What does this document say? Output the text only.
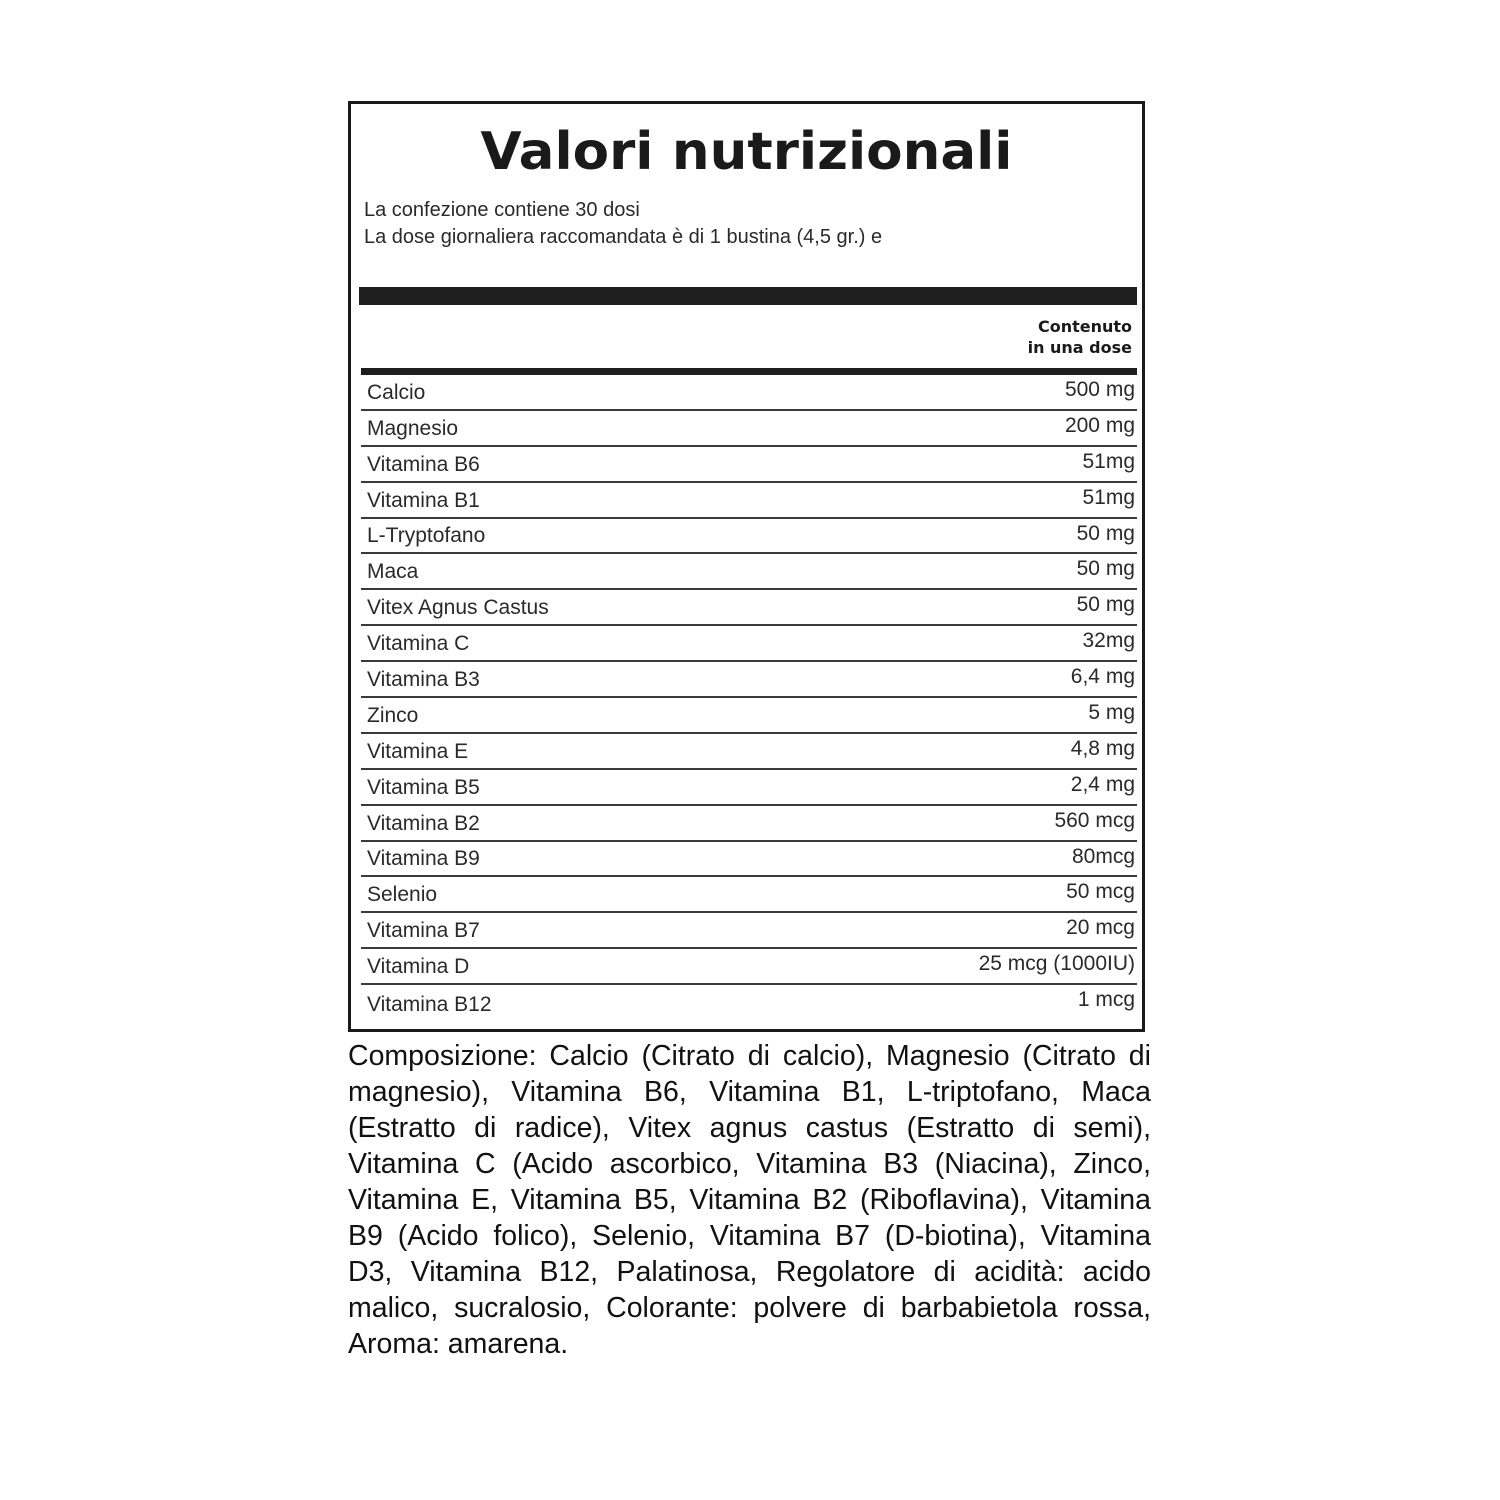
Valori nutrizionali
La confezione contiene 30 dosi
La dose giornaliera raccomandata è di 1 bustina (4,5 gr.) e
Contenuto
in una dose
Calcio	500 mg
Magnesio	200 mg
Vitamina B6	51mg
Vitamina B1	51mg
L-Tryptofano	50 mg
Maca	50 mg
Vitex Agnus Castus	50 mg
Vitamina C	32mg
Vitamina B3	6,4 mg
Zinco	5 mg
Vitamina E	4,8 mg
Vitamina B5	2,4 mg
Vitamina B2	560 mcg
Vitamina B9	80mcg
Selenio	50 mcg
Vitamina B7	20 mcg
Vitamina D	25 mcg (1000IU)
Vitamina B12	1 mcg

Composizione: Calcio (Citrato di calcio), Magnesio (Citrato di magnesio), Vitamina B6, Vitamina B1, L-triptofano, Maca (Estratto di radice), Vitex agnus castus (Estratto di semi), Vitamina C (Acido ascorbico, Vitamina B3 (Niacina), Zinco, Vitamina E, Vitamina B5, Vitamina B2 (Riboflavina), Vitamina B9 (Acido folico), Selenio, Vitamina B7 (D-biotina), Vitamina D3, Vitamina B12, Palatinosa, Regolatore di acidità: acido malico, sucralosio, Colorante: polvere di barbabietola rossa, Aroma: amarena.
